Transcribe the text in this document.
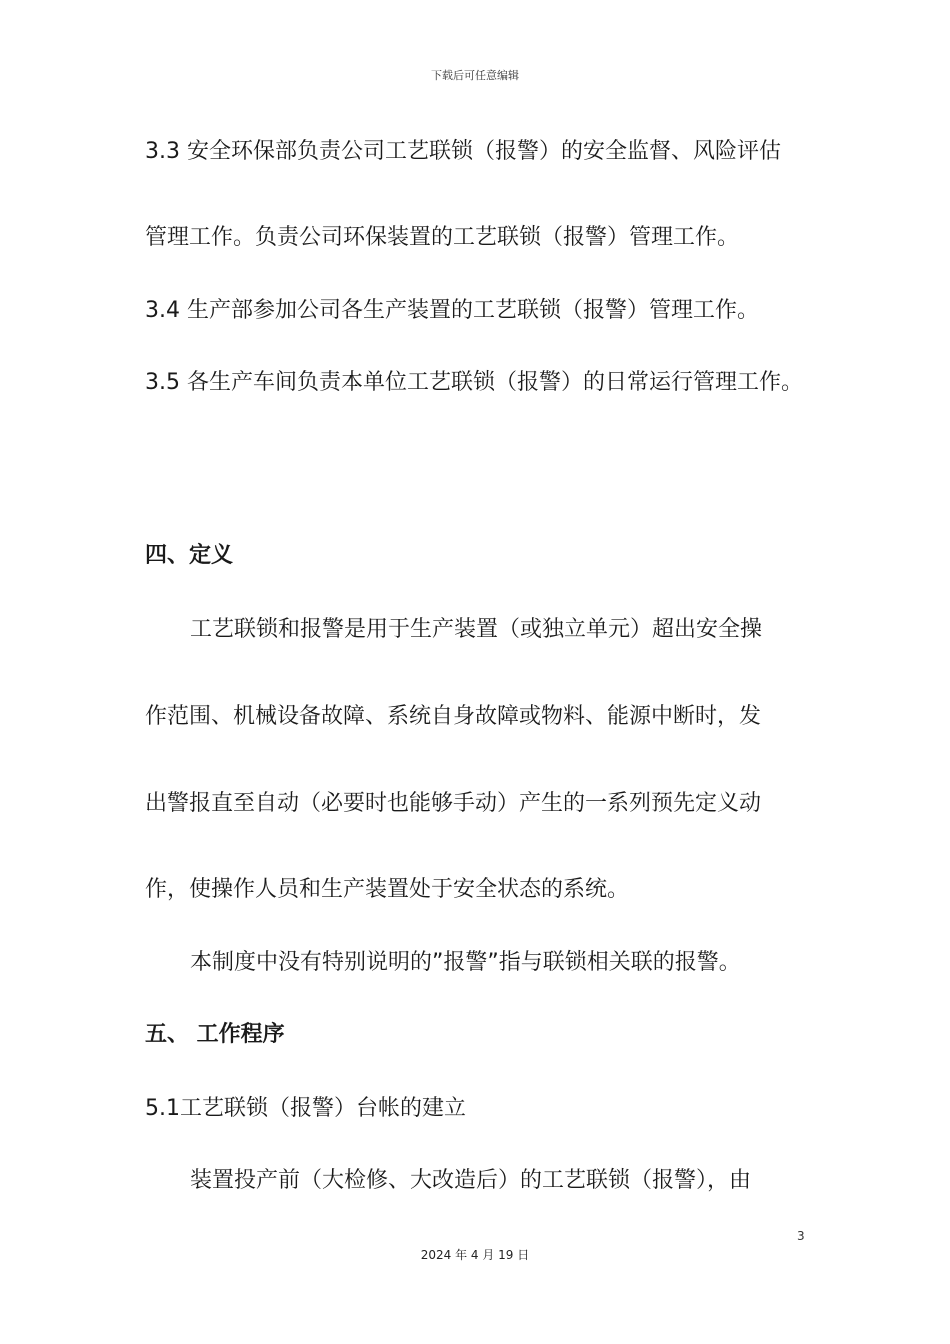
下载后可任意编辑
3.3 安全环保部负责公司工艺联锁（报警）的安全监督、风险评估
管理工作。负责公司环保装置的工艺联锁（报警）管理工作。
3.4 生产部参加公司各生产装置的工艺联锁（报警）管理工作。
3.5 各生产车间负责本单位工艺联锁（报警）的日常运行管理工作。
四、定义
工艺联锁和报警是用于生产装置（或独立单元）超出安全操
作范围、机械设备故障、系统自身故障或物料、能源中断时，发
出警报直至自动（必要时也能够手动）产生的一系列预先定义动
作，使操作人员和生产装置处于安全状态的系统。
本制度中没有特别说明的”报警”指与联锁相关联的报警。
五、 工作程序
5.1工艺联锁（报警）台帐的建立
装置投产前（大检修、大改造后）的工艺联锁（报警），由
3
2024 年 4 月 19 日
